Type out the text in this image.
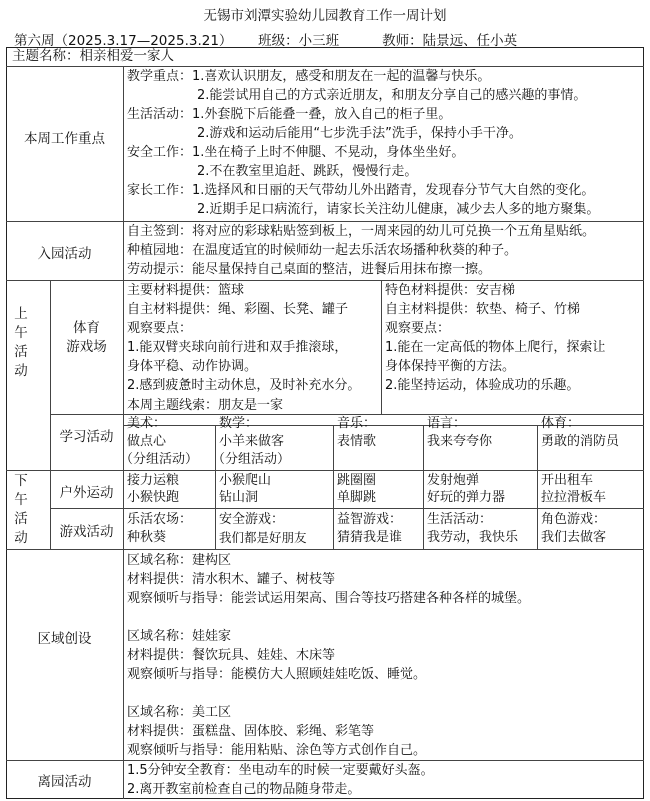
无锡市刘潭实验幼儿园教育工作一周计划
第六周（2025.3.17—2025.3.21） 班级：小三班	教师：陆景远、任小英
主题名称：相亲相爱一家人
本周工作重点
教学重点：1.喜欢认识朋友，感受和朋友在一起的温馨与快乐。
2.能尝试用自己的方式亲近朋友，和朋友分享自己的感兴趣的事情。
生活活动：1.外套脱下后能叠一叠，放入自己的柜子里。
2.游戏和运动后能用“七步洗手法”洗手，保持小手干净。
安全工作：1.坐在椅子上时不伸腿、不晃动，身体坐坐好。
2.不在教室里追赶、跳跃，慢慢行走。
家长工作：1.选择风和日丽的天气带幼儿外出踏青，发现春分节气大自然的变化。
2.近期手足口病流行，请家长关注幼儿健康，减少去人多的地方聚集。
入园活动
自主签到：将对应的彩球粘贴签到板上，一周来园的幼儿可兑换一个五角星贴纸。
种植园地：在温度适宜的时候师幼一起去乐活农场播种秋葵的种子。
劳动提示：能尽量保持自己桌面的整洁，进餐后用抹布擦一擦。
上
午
活
动
体育
游戏场
主要材料提供：篮球
自主材料提供：绳、彩圈、长凳、罐子
观察要点：
1.能双臂夹球向前行进和双手推滚球，
身体平稳、动作协调。
2.感到疲惫时主动休息，及时补充水分。
特色材料提供：安吉梯
自主材料提供：软垫、椅子、竹梯
观察要点：
1.能在一定高低的物体上爬行，探索让
身体保持平衡的方法。
2.能坚持运动，体验成功的乐趣。
学习活动
本周主题线索：朋友是一家
美术：
做点心
（分组活动）
数学：
小羊来做客
（分组活动）
音乐：
表情歌
语言：
我来夸夸你
体育：
勇敢的消防员
下
午
活
动
户外运动
游戏活动
接力运粮
小猴快跑
小猴爬山
钻山洞
跳圈圈
单脚跳
发射炮弹
好玩的弹力器
开出租车
拉拉滑板车
乐活农场：
种秋葵
安全游戏：
我们都是好朋友
益智游戏：
猜猜我是谁
生活活动：
我劳动，我快乐
角色游戏：
我们去做客
区域创设
区域名称：建构区
材料提供：清水积木、罐子、树枝等
观察倾听与指导：能尝试运用架高、围合等技巧搭建各种各样的城堡。
区域名称：娃娃家
材料提供：餐饮玩具、娃娃、木床等
观察倾听与指导：能模仿大人照顾娃娃吃饭、睡觉。
区域名称：美工区
材料提供：蛋糕盘、固体胶、彩绳、彩笔等
观察倾听与指导：能用粘贴、涂色等方式创作自己。
离园活动
1.5分钟安全教育：坐电动车的时候一定要戴好头盔。
2.离开教室前检查自己的物品随身带走。
